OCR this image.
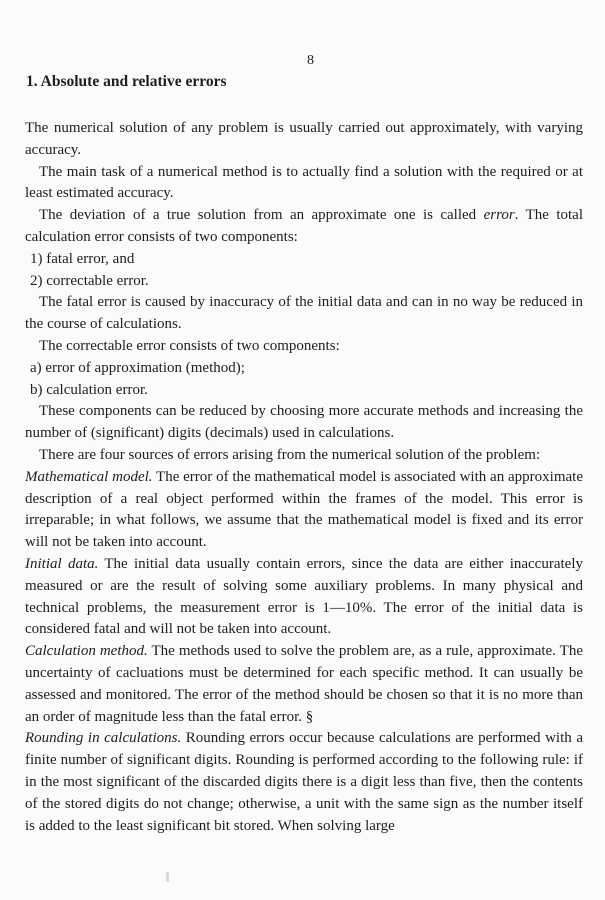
8
1. Absolute and relative errors

The numerical solution of any problem is usually carried out approximately, with varying accuracy.

The main task of a numerical method is to actually find a solution with the required or at least estimated accuracy.

The deviation of a true solution from an approximate one is called error. The total calculation error consists of two components:

1) fatal error, and

2) correctable error.

The fatal error is caused by inaccuracy of the initial data and can in no way be reduced in the course of calculations.

The correctable error consists of two components:

a) error of approximation (method);

b) calculation error.

These components can be reduced by choosing more accurate methods and increasing the number of (significant) digits (decimals) used in calculations.

There are four sources of errors arising from the numerical solution of the problem:

Mathematical model. The error of the mathematical model is associated with an approximate description of a real object performed within the frames of the model. This error is irreparable; in what follows, we assume that the mathematical model is fixed and its error will not be taken into account.

Initial data. The initial data usually contain errors, since the data are either inaccurately measured or are the result of solving some auxiliary problems. In many physical and technical problems, the measurement error is 1—10%. The error of the initial data is considered fatal and will not be taken into account.

Calculation method. The methods used to solve the problem are, as a rule, approximate. The uncertainty of cacluations must be determined for each specific method. It can usually be assessed and monitored. The error of the method should be chosen so that it is no more than an order of magnitude less than the fatal error. §

Rounding in calculations. Rounding errors occur because calculations are performed with a finite number of significant digits. Rounding is performed according to the following rule: if in the most significant of the discarded digits there is a digit less than five, then the contents of the stored digits do not change; otherwise, a unit with the same sign as the number itself is added to the least significant bit stored. When solving large
